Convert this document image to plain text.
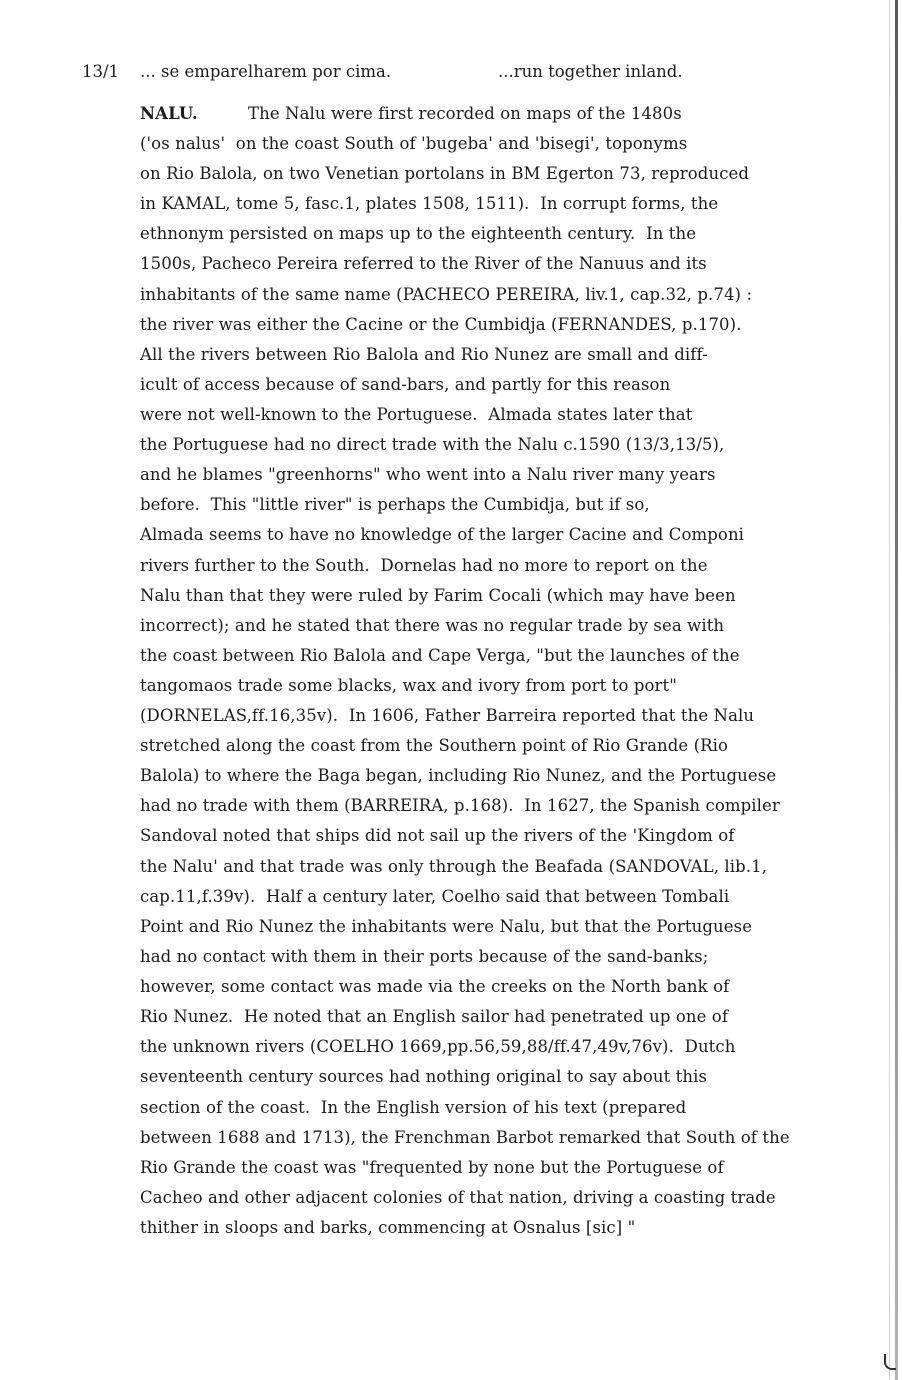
13/1 ... se emparelharem por cima.	...run together inland.
NALU.	The Nalu were first recorded on maps of the 1480s
('os nalus'  on the coast South of 'bugeba' and 'bisegi', toponyms
on Rio Balola, on two Venetian portolans in BM Egerton 73, reproduced
in KAMAL, tome 5, fasc.1, plates 1508, 1511).  In corrupt forms, the
ethnonym persisted on maps up to the eighteenth century.  In the
1500s, Pacheco Pereira referred to the River of the Nanuus and its
inhabitants of the same name (PACHECO PEREIRA, liv.1, cap.32, p.74) :
the river was either the Cacine or the Cumbidja (FERNANDES, p.170).
All the rivers between Rio Balola and Rio Nunez are small and diff-
icult of access because of sand-bars, and partly for this reason
were not well-known to the Portuguese.  Almada states later that
the Portuguese had no direct trade with the Nalu c.1590 (13/3,13/5),
and he blames "greenhorns" who went into a Nalu river many years
before.  This "little river" is perhaps the Cumbidja, but if so,
Almada seems to have no knowledge of the larger Cacine and Componi
rivers further to the South.  Dornelas had no more to report on the
Nalu than that they were ruled by Farim Cocali (which may have been
incorrect); and he stated that there was no regular trade by sea with
the coast between Rio Balola and Cape Verga, "but the launches of the
tangomaos trade some blacks, wax and ivory from port to port"
(DORNELAS,ff.16,35v).  In 1606, Father Barreira reported that the Nalu
stretched along the coast from the Southern point of Rio Grande (Rio
Balola) to where the Baga began, including Rio Nunez, and the Portuguese
had no trade with them (BARREIRA, p.168).  In 1627, the Spanish compiler
Sandoval noted that ships did not sail up the rivers of the 'Kingdom of
the Nalu' and that trade was only through the Beafada (SANDOVAL, lib.1,
cap.11,f.39v).  Half a century later, Coelho said that between Tombali
Point and Rio Nunez the inhabitants were Nalu, but that the Portuguese
had no contact with them in their ports because of the sand-banks;
however, some contact was made via the creeks on the North bank of
Rio Nunez.  He noted that an English sailor had penetrated up one of
the unknown rivers (COELHO 1669,pp.56,59,88/ff.47,49v,76v).  Dutch
seventeenth century sources had nothing original to say about this
section of the coast.  In the English version of his text (prepared
between 1688 and 1713), the Frenchman Barbot remarked that South of the
Rio Grande the coast was "frequented by none but the Portuguese of
Cacheo and other adjacent colonies of that nation, driving a coasting trade
thither in sloops and barks, commencing at Osnalus [sic] "
